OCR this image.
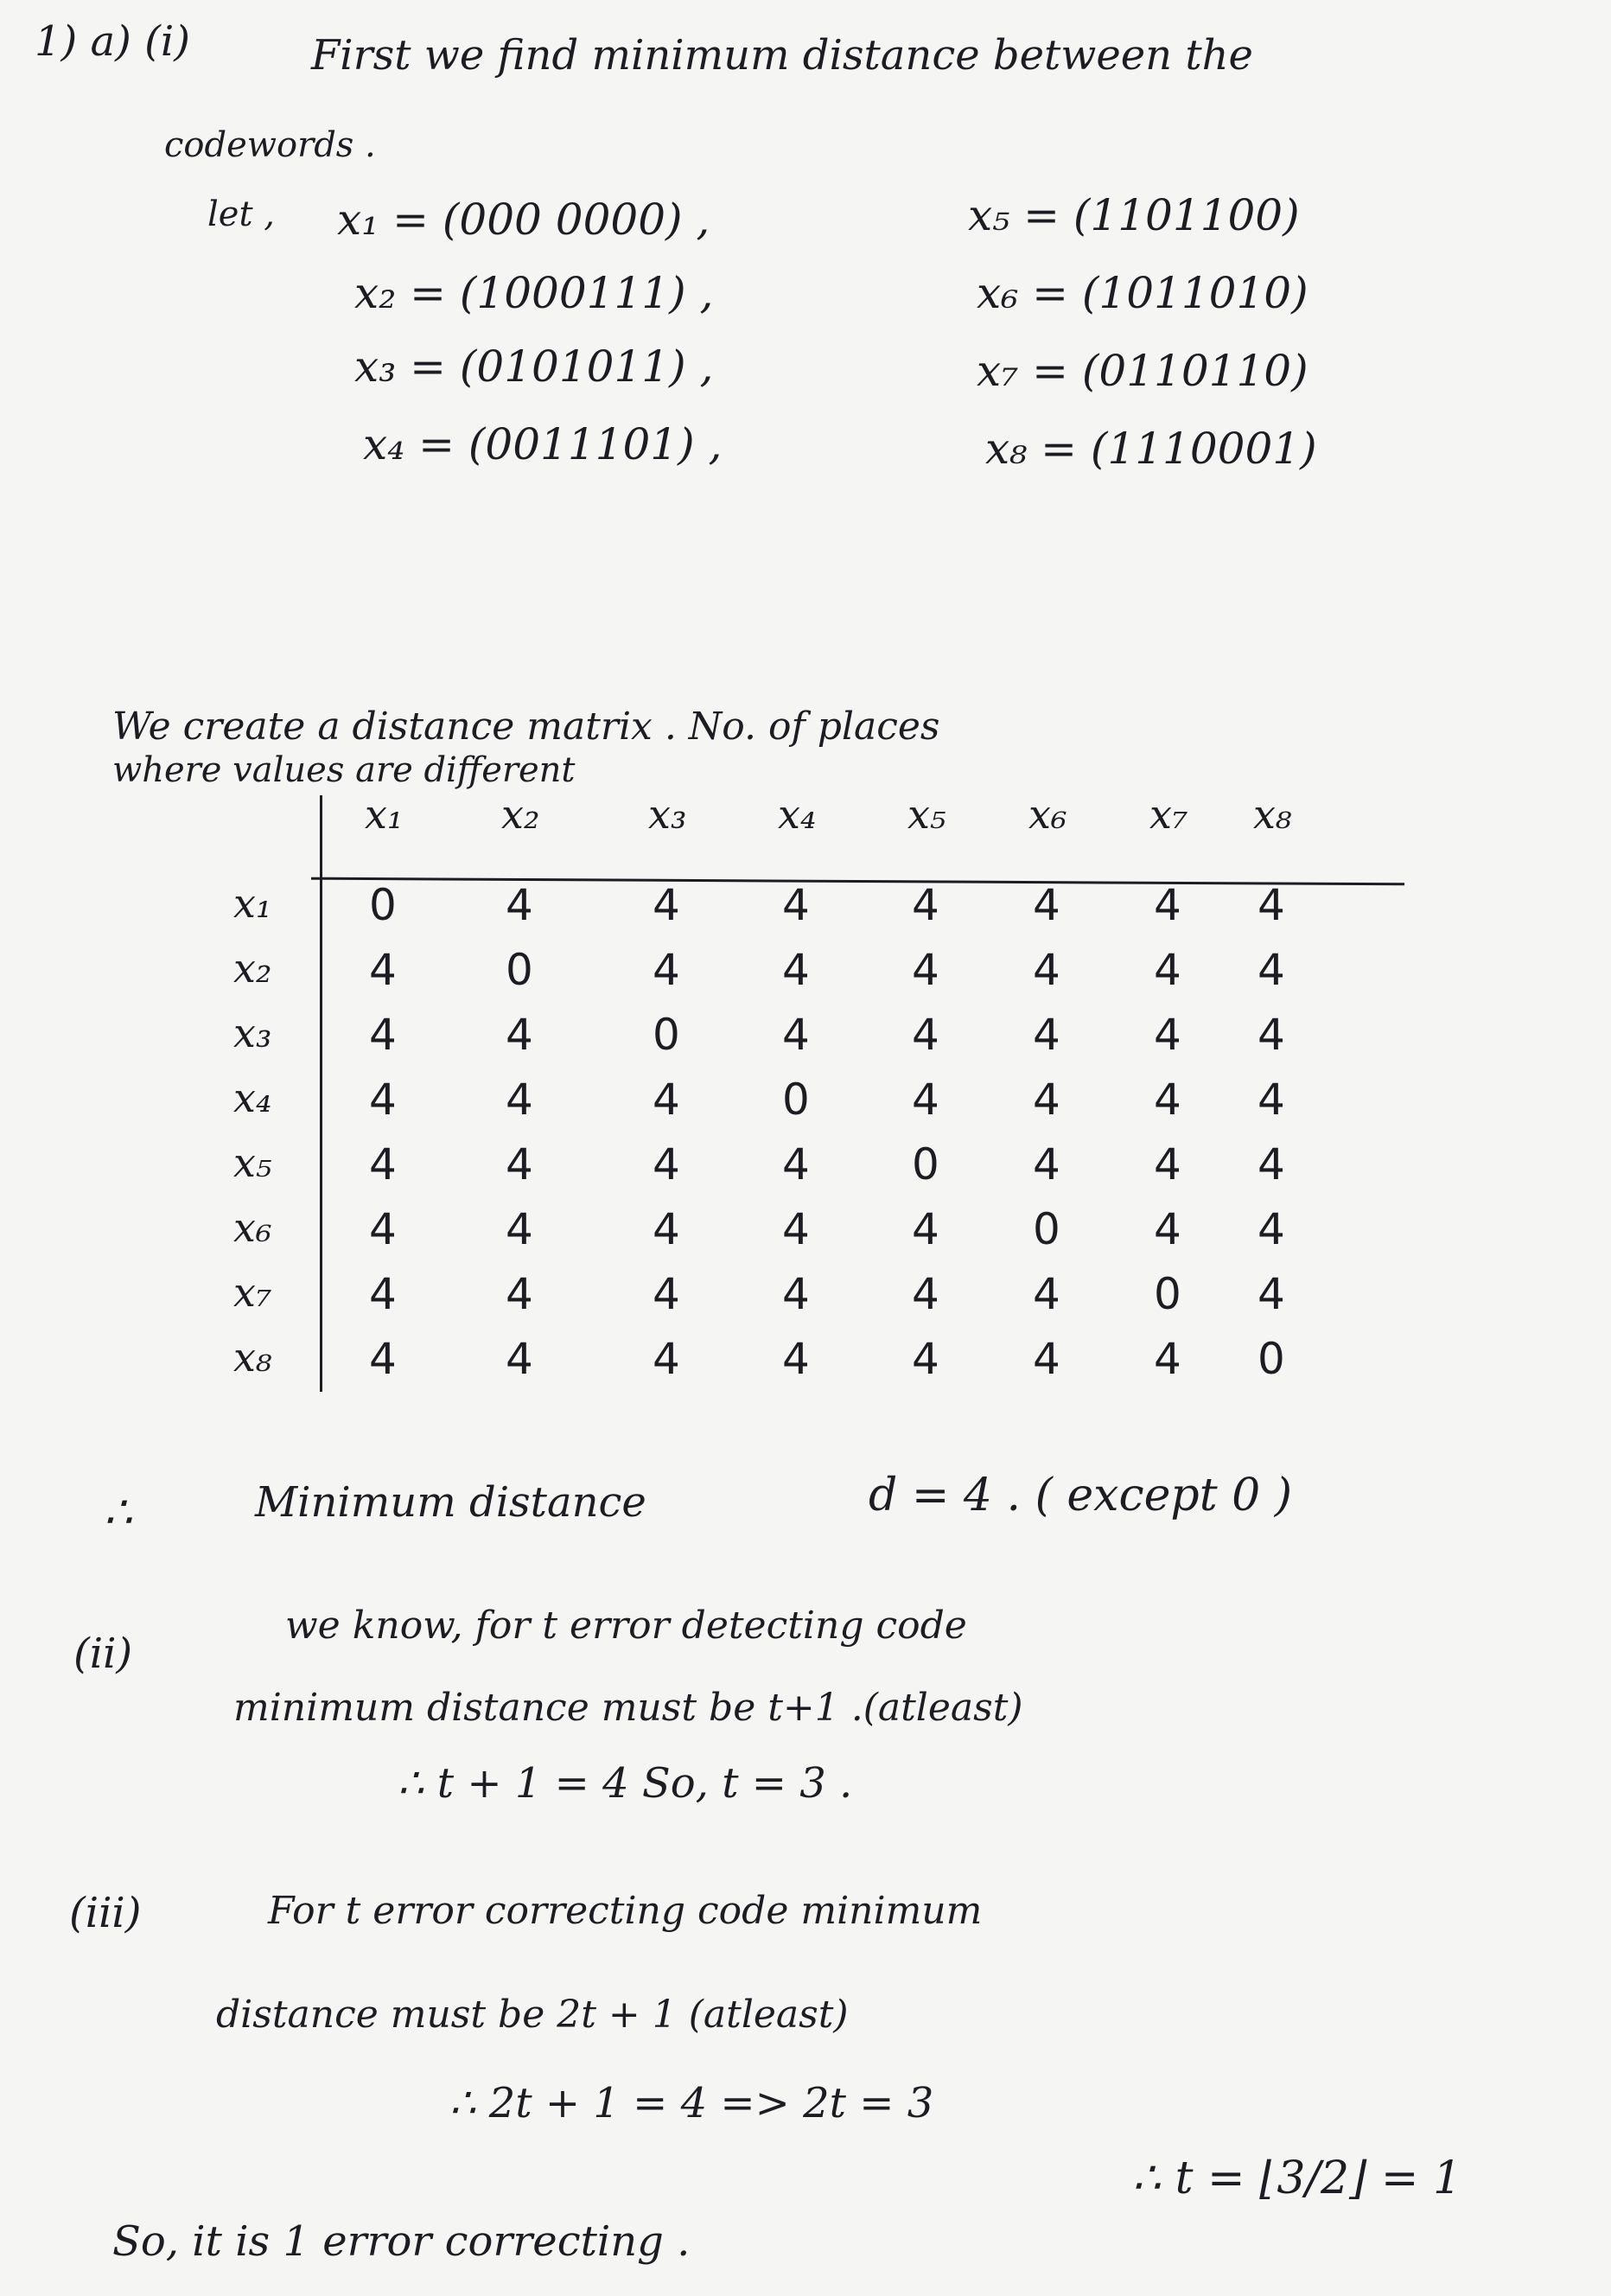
1) a) (i)	First we find minimum distance between the
codewords .
let , x₁ = (000 0000) ,
x₂ = (1000111) ,
x₃ = (0101011) ,
x₄ = (0011101) ,
x₅ = (1101100)
x₆ = (1011010)
x₇ = (0110110)
x₈ = (1110001)
We create a distance matrix . No. of places
where values are different
x₁ x₂	x₃ x₄ x₅ x₆ x₇ x₈
x₁ 0	4	4 4 4 4 4 4
x₂ 4	0	4 4 4 4 4 4
x₃ 4	4	0 4 4 4 4 4
x₄ 4	4	4 0 4 4 4 4
x₅ 4	4	4 4 0 4 4 4
x₆ 4	4	4 4 4 0 4 4
x₇ 4	4	4 4 4 4 0 4
x₈ 4	4	4 4 4 4 4 0
∴	Minimum distance	d = 4 . ( except 0 )
(ii)
we know, for t error detecting code
minimum distance must be t+1 .(atleast)
∴ t + 1 = 4 So, t = 3 .
(iii)	For t error correcting code minimum
distance must be 2t + 1 (atleast)
∴ 2t + 1 = 4 => 2t = 3
∴ t = ⌊3/2⌋ = 1
So, it is 1 error correcting .
